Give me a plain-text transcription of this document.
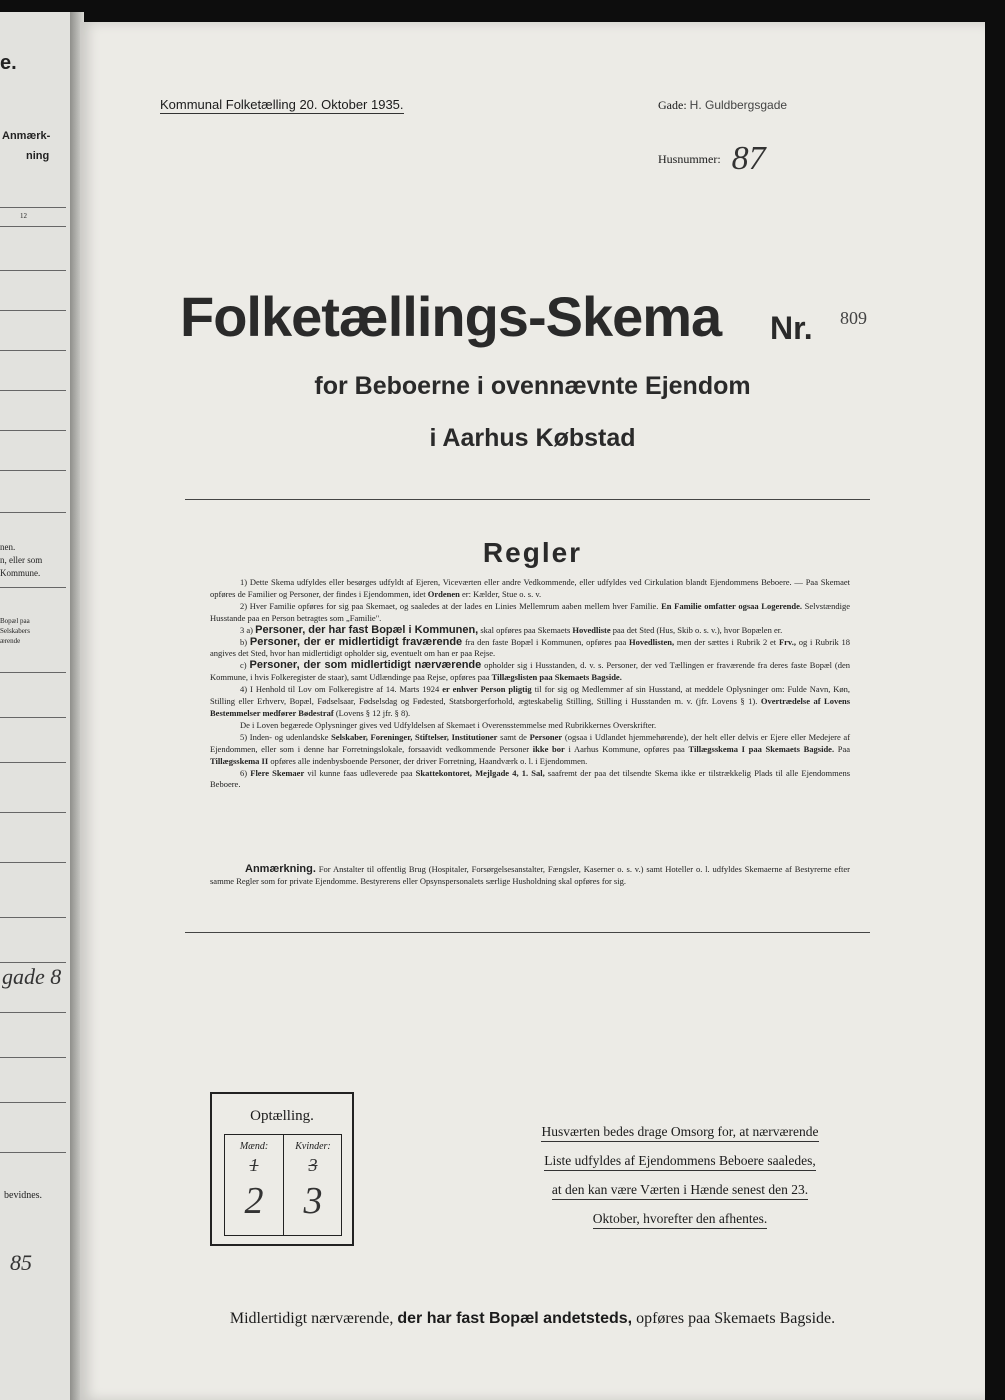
e.
Anmærk-
ning
12
nen.
n, eller som
Kommune.
Bopæl paa
Selskabers
ærende
gade 8
bevidnes.
85
Kommunal Folketælling 20. Oktober 1935.	Gade: H. Guldbergsgade
Husnummer: 87
Folketællings-Skema Nr. 809
for Beboerne i ovennævnte Ejendom
i Aarhus Købstad
Regler

1) Dette Skema udfyldes eller besørges udfyldt af Ejeren, Viceværten eller andre Vedkommende, eller udfyldes ved Cirkulation blandt Ejendommens Beboere. — Paa Skemaet opføres de Familier og Personer, der findes i Ejendommen, idet Ordenen er: Kælder, Stue o. s. v.

2) Hver Familie opføres for sig paa Skemaet, og saaledes at der lades en Linies Mellemrum aaben mellem hver Familie. En Familie omfatter ogsaa Logerende. Selvstændige Husstande paa en Person betragtes som „Familie".

3 a) Personer, der har fast Bopæl i Kommunen, skal opføres paa Skemaets Hovedliste paa det Sted (Hus, Skib o. s. v.), hvor Bopælen er.

b) Personer, der er midlertidigt fraværende fra den faste Bopæl i Kommunen, opføres paa Hovedlisten, men der sættes i Rubrik 2 et Frv., og i Rubrik 18 angives det Sted, hvor han midlertidigt opholder sig, eventuelt om han er paa Rejse.

c) Personer, der som midlertidigt nærværende opholder sig i Husstanden, d. v. s. Personer, der ved Tællingen er fraværende fra deres faste Bopæl (den Kommune, i hvis Folkeregister de staar), samt Udlændinge paa Rejse, opføres paa Tillægslisten paa Skemaets Bagside.

4) I Henhold til Lov om Folkeregistre af 14. Marts 1924 er enhver Person pligtig til for sig og Medlemmer af sin Husstand, at meddele Oplysninger om: Fulde Navn, Køn, Stilling eller Erhverv, Bopæl, Fødselsaar, Fødselsdag og Fødested, Statsborgerforhold, ægteskabelig Stilling, Stilling i Husstanden m. v. (jfr. Lovens § 1). Overtrædelse af Lovens Bestemmelser medfører Bødestraf (Lovens § 12 jfr. § 8).

De i Loven begærede Oplysninger gives ved Udfyldelsen af Skemaet i Overensstemmelse med Rubrikkernes Overskrifter.

5) Inden- og udenlandske Selskaber, Foreninger, Stiftelser, Institutioner samt de Personer (ogsaa i Udlandet hjemmehørende), der helt eller delvis er Ejere eller Medejere af Ejendommen, eller som i denne har Forretningslokale, forsaavidt vedkommende Personer ikke bor i Aarhus Kommune, opføres paa Tillægsskema I paa Skemaets Bagside. Paa Tillægsskema II opføres alle indenbysboende Personer, der driver Forretning, Haandværk o. l. i Ejendommen.

6) Flere Skemaer vil kunne faas udleverede paa Skattekontoret, Mejlgade 4, 1. Sal, saafremt der paa det tilsendte Skema ikke er tilstrækkelig Plads til alle Ejendommens Beboere.

Anmærkning. For Anstalter til offentlig Brug (Hospitaler, Forsørgelsesanstalter, Fængsler, Kaserner o. s. v.) samt Hoteller o. l. udfyldes Skemaerne af Bestyrerne efter samme Regler som for private Ejendomme. Bestyrerens eller Opsynspersonalets særlige Husholdning skal opføres for sig.

Optælling.
Mænd:
1
2
Kvinder:
3
3
Husværten bedes drage Omsorg for, at nærværende
Liste udfyldes af Ejendommens Beboere saaledes,
at den kan være Værten i Hænde senest den 23.
Oktober, hvorefter den afhentes.
Midlertidigt nærværende, der har fast Bopæl andetsteds, opføres paa Skemaets Bagside.
